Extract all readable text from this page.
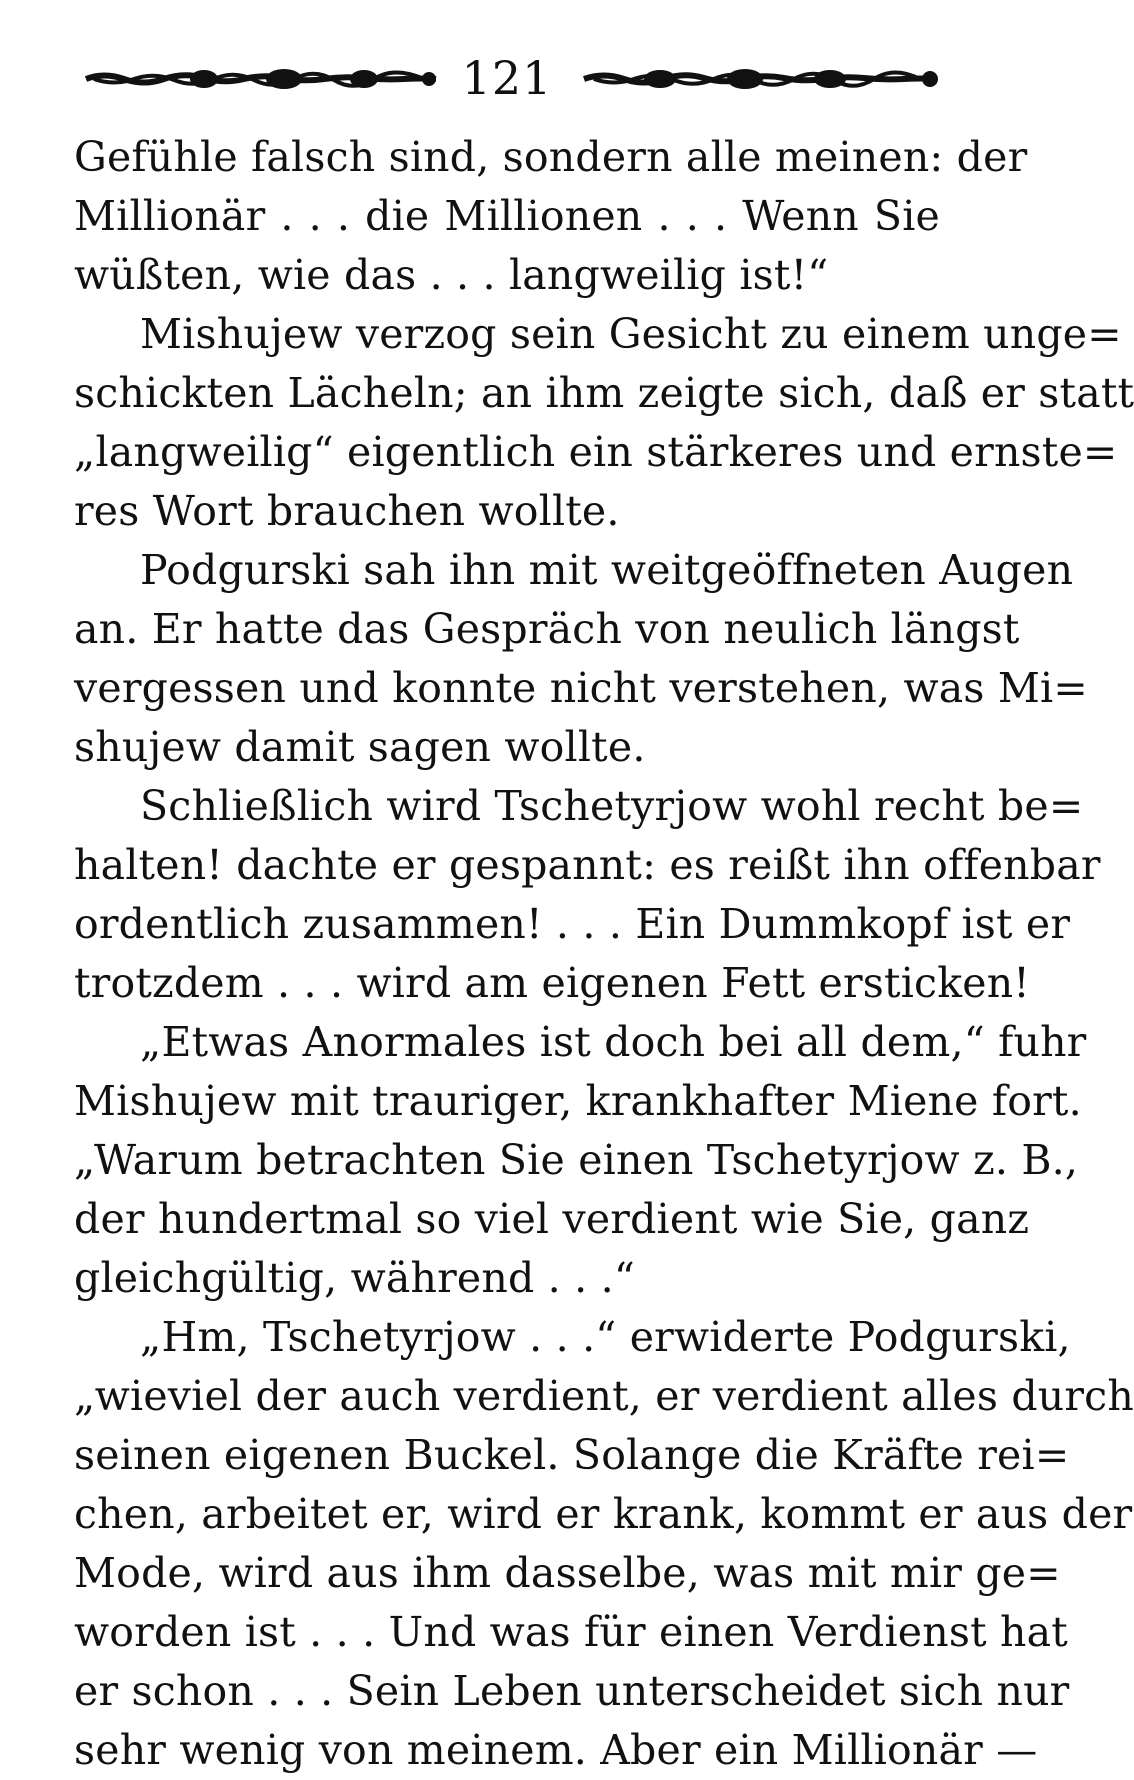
121
Gefühle falsch sind, sondern alle meinen: der
Millionär . . . die Millionen . . . Wenn Sie
wüßten, wie das . . . langweilig ist!“
Mishujew verzog sein Gesicht zu einem unge=
schickten Lächeln; an ihm zeigte sich, daß er statt
„langweilig“ eigentlich ein stärkeres und ernste=
res Wort brauchen wollte.
Podgurski sah ihn mit weitgeöffneten Augen
an. Er hatte das Gespräch von neulich längst
vergessen und konnte nicht verstehen, was Mi=
shujew damit sagen wollte.
Schließlich wird Tschetyrjow wohl recht be=
halten! dachte er gespannt: es reißt ihn offenbar
ordentlich zusammen! . . . Ein Dummkopf ist er
trotzdem . . . wird am eigenen Fett ersticken!
„Etwas Anormales ist doch bei all dem,“ fuhr
Mishujew mit trauriger, krankhafter Miene fort.
„Warum betrachten Sie einen Tschetyrjow z. B.,
der hundertmal so viel verdient wie Sie, ganz
gleichgültig, während . . .“
„Hm, Tschetyrjow . . .“ erwiderte Podgurski,
„wieviel der auch verdient, er verdient alles durch
seinen eigenen Buckel. Solange die Kräfte rei=
chen, arbeitet er, wird er krank, kommt er aus der
Mode, wird aus ihm dasselbe, was mit mir ge=
worden ist . . . Und was für einen Verdienst hat
er schon . . . Sein Leben unterscheidet sich nur
sehr wenig von meinem. Aber ein Millionär —
